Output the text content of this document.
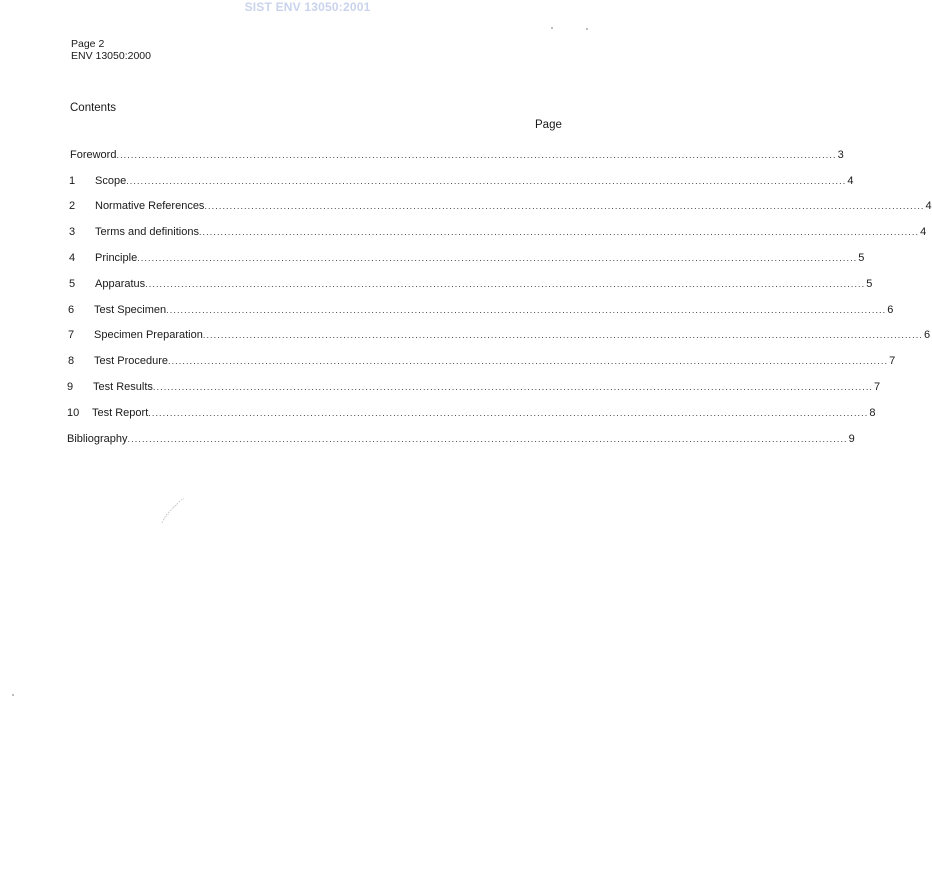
SIST ENV 13050:2001
Page 2
ENV 13050:2000
Contents
Page
Foreword ........................................................................................................................................................................................................ 3
1	Scope ........................................................................................................................................................................................................ 4
2	Normative References ........................................................................................................................................................................................................ 4
3	Terms and definitions ........................................................................................................................................................................................................ 4
4	Principle ........................................................................................................................................................................................................ 5
5	Apparatus ........................................................................................................................................................................................................ 5
6	Test Specimen ........................................................................................................................................................................................................ 6
7	Specimen Preparation ........................................................................................................................................................................................................ 6
8	Test Procedure ........................................................................................................................................................................................................ 7
9	Test Results ........................................................................................................................................................................................................ 7
10	Test Report ........................................................................................................................................................................................................ 8
Bibliography ........................................................................................................................................................................................................ 9
